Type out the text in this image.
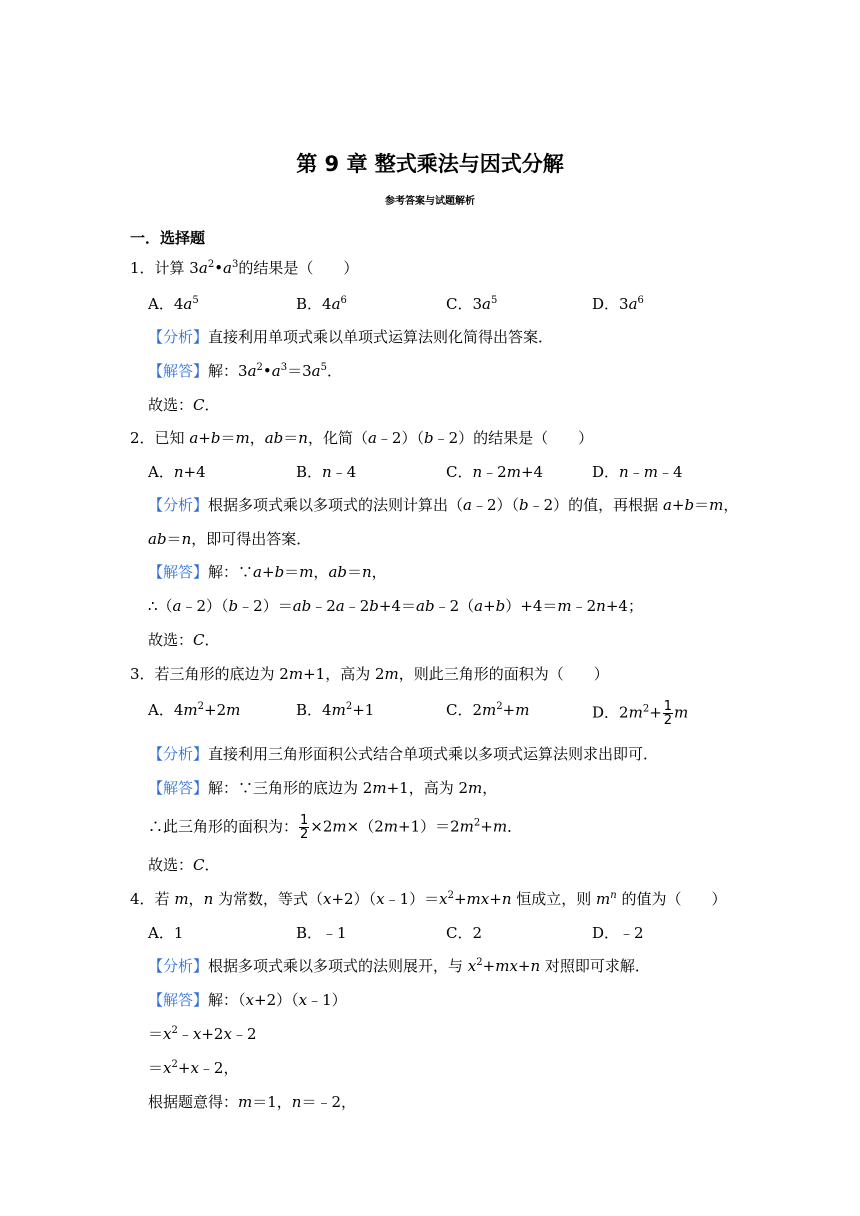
第 9 章 整式乘法与因式分解
参考答案与试题解析
一．选择题
1．计算 $3a^2•a^3$的结果是（　　）
A．$4a^5$	B．$4a^6$	C．$3a^5$	D．$3a^6$
【分析】直接利用单项式乘以单项式运算法则化简得出答案．
【解答】解：$3a^2•a^3=3a^5$．
故选：C．
2．已知 a+b＝m，ab＝n，化简（a﹣2）（b﹣2）的结果是（　　）
A．n+4	B．n﹣4	C．n﹣2m+4	D．n﹣m﹣4
【分析】根据多项式乘以多项式的法则计算出（a﹣2）（b﹣2）的值，再根据 a+b＝m，
ab＝n，即可得出答案．
【解答】解：∵a+b＝m，ab＝n，
∴（a﹣2）（b﹣2）＝ab﹣2a﹣2b+4＝ab﹣2（a+b）+4＝m﹣2n+4；
故选：C．
3．若三角形的底边为 2m+1，高为 2m，则此三角形的面积为（　　）
A．$4m^2+2m$	B．$4m^2+1$	C．$2m^2+m$	D．$2m^2+ \frac{1}{2}$ m
【分析】直接利用三角形面积公式结合单项式乘以多项式运算法则求出即可．
【解答】解：∵三角形的底边为 2m+1，高为 2m，
∴此三角形的面积为： $\frac{1}{2} \times 2m\times(2m+1)=2m^2+m$．
故选：C．
4．若 m，n 为常数，等式$(x+2)(x﹣1)=x^2+mx+n$ 恒成立，则 $m^n$ 的值为（　　）
A．1	B．﹣1	C．2	D．﹣2
【分析】根据多项式乘以多项式的法则展开，与 $x^2+mx+n$ 对照即可求解．
【解答】解：（x+2）（x﹣1）
$=x^2﹣x+2x﹣2$
$=x^2+x﹣2$，
根据题意得：m＝1，n＝﹣2，
